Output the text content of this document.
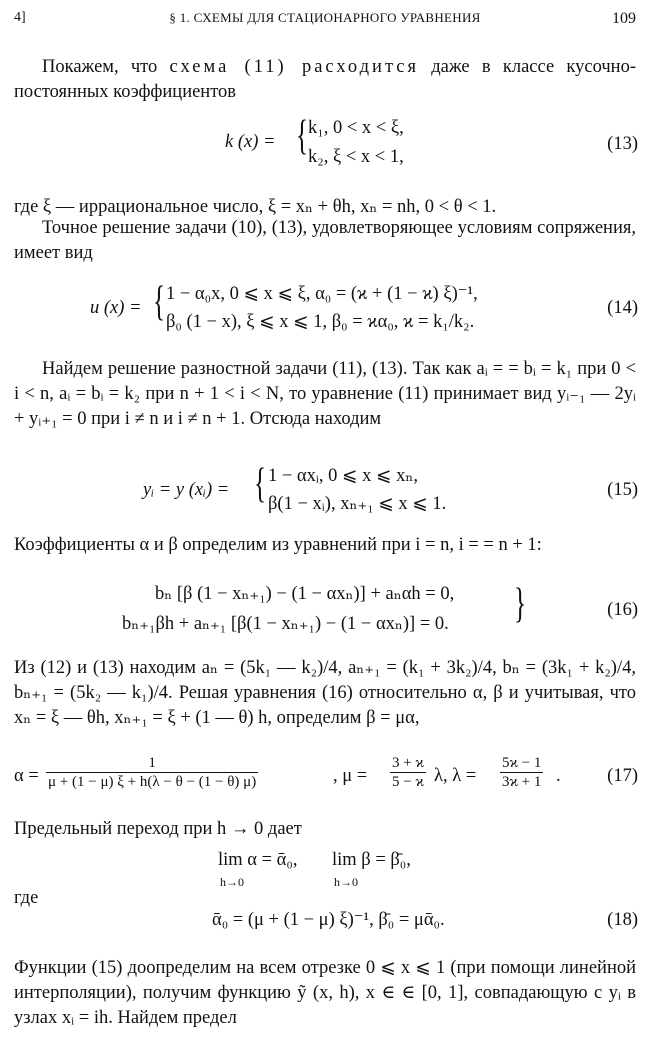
4]	§ 1. СХЕМЫ ДЛЯ СТАЦИОНАРНОГО УРАВНЕНИЯ	109
Покажем, что схема (11) расходится даже в классе кусочно-постоянных коэффициентов
k (x) = { k₁, 0 < x < ξ,
k₂, ξ < x < 1,
(13)
где ξ — иррациональное число, ξ = xₙ + θh, xₙ = nh, 0 < θ < 1.
Точное решение задачи (10), (13), удовлетворяющее условиям сопряжения, имеет вид
u (x) = { 1 − α₀x, 0 ⩽ x ⩽ ξ, α₀ = (ϰ + (1 − ϰ) ξ)⁻¹,
β₀ (1 − x), ξ ⩽ x ⩽ 1, β₀ = ϰα₀, ϰ = k₁/k₂.
(14)
Найдем решение разностной задачи (11), (13). Так как aᵢ = = bᵢ = k₁ при 0 < i < n, aᵢ = bᵢ = k₂ при n + 1 < i < N, то уравнение (11) принимает вид yᵢ₋₁ — 2yᵢ + yᵢ₊₁ = 0 при i ≠ n и i ≠ n + 1. Отсюда находим
yᵢ = y (xᵢ) = { 1 − αxᵢ, 0 ⩽ x ⩽ xₙ,
β(1 − xᵢ), xₙ₊₁ ⩽ x ⩽ 1.
(15)
Коэффициенты α и β определим из уравнений при i = n, i = = n + 1:
bₙ [β (1 − xₙ₊₁) − (1 − αxₙ)] + aₙαh = 0,
bₙ₊₁βh + aₙ₊₁ [β(1 − xₙ₊₁) − (1 − αxₙ)] = 0. }	(16)
Из (12) и (13) находим aₙ = (5k₁ — k₂)/4, aₙ₊₁ = (k₁ + 3k₂)/4, bₙ = (3k₁ + k₂)/4, bₙ₊₁ = (5k₂ — k₁)/4. Решая уравнения (16) относительно α, β и учитывая, что xₙ = ξ — θh, xₙ₊₁ = ξ + (1 — θ) h, определим β = μα,
$\alpha = \frac{1}{\mu + (1 - \mu) \xi + h(\lambda - \theta - (1 - \theta) \mu)}$	, $\mu = \frac{3 + ϰ}{5 - ϰ} \lambda$, $\lambda = \frac{5ϰ - 1}{3ϰ + 1}$ .	(17)
Предельный переход при h → 0 дает
lim α = ᾱ₀,
h→0
lim β = β̄₀,
h→0
где
ᾱ₀ = (μ + (1 − μ) ξ)⁻¹, β̄₀ = μᾱ₀.	(18)
Функции (15) доопределим на всем отрезке 0 ⩽ x ⩽ 1 (при помощи линейной интерполяции), получим функцию ỹ (x, h), x ∈ ∈ [0, 1], совпадающую с yᵢ в узлах xᵢ = ih. Найдем предел
